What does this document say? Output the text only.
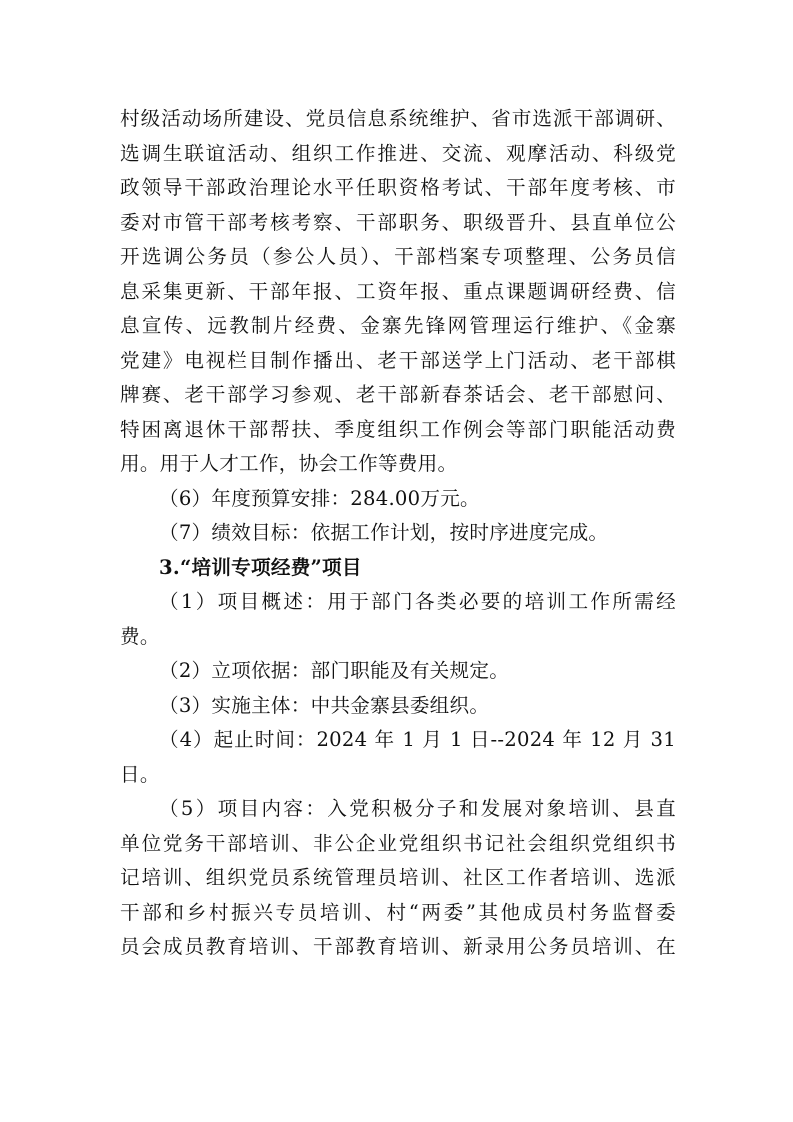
村级活动场所建设、党员信息系统维护、省市选派干部调研、
选调生联谊活动、组织工作推进、交流、观摩活动、科级党
政领导干部政治理论水平任职资格考试、干部年度考核、市
委对市管干部考核考察、干部职务、职级晋升、县直单位公
开选调公务员（参公人员）、干部档案专项整理、公务员信
息采集更新、干部年报、工资年报、重点课题调研经费、信
息宣传、远教制片经费、金寨先锋网管理运行维护、《金寨
党建》电视栏目制作播出、老干部送学上门活动、老干部棋
牌赛、老干部学习参观、老干部新春茶话会、老干部慰问、
特困离退休干部帮扶、季度组织工作例会等部门职能活动费
用。用于人才工作，协会工作等费用。

（6）年度预算安排：284.00万元。

（7）绩效目标：依据工作计划，按时序进度完成。

3.“培训专项经费”项目

（1）项目概述：用于部门各类必要的培训工作所需经
费。

（2）立项依据：部门职能及有关规定。

（3）实施主体：中共金寨县委组织。

（4）起止时间：2024 年 1 月 1 日--2024 年 12 月 31 日。

（5）项目内容：入党积极分子和发展对象培训、县直
单位党务干部培训、非公企业党组织书记社会组织党组织书
记培训、组织党员系统管理员培训、社区工作者培训、选派
干部和乡村振兴专员培训、村“两委”其他成员村务监督委
员会成员教育培训、干部教育培训、新录用公务员培训、在
